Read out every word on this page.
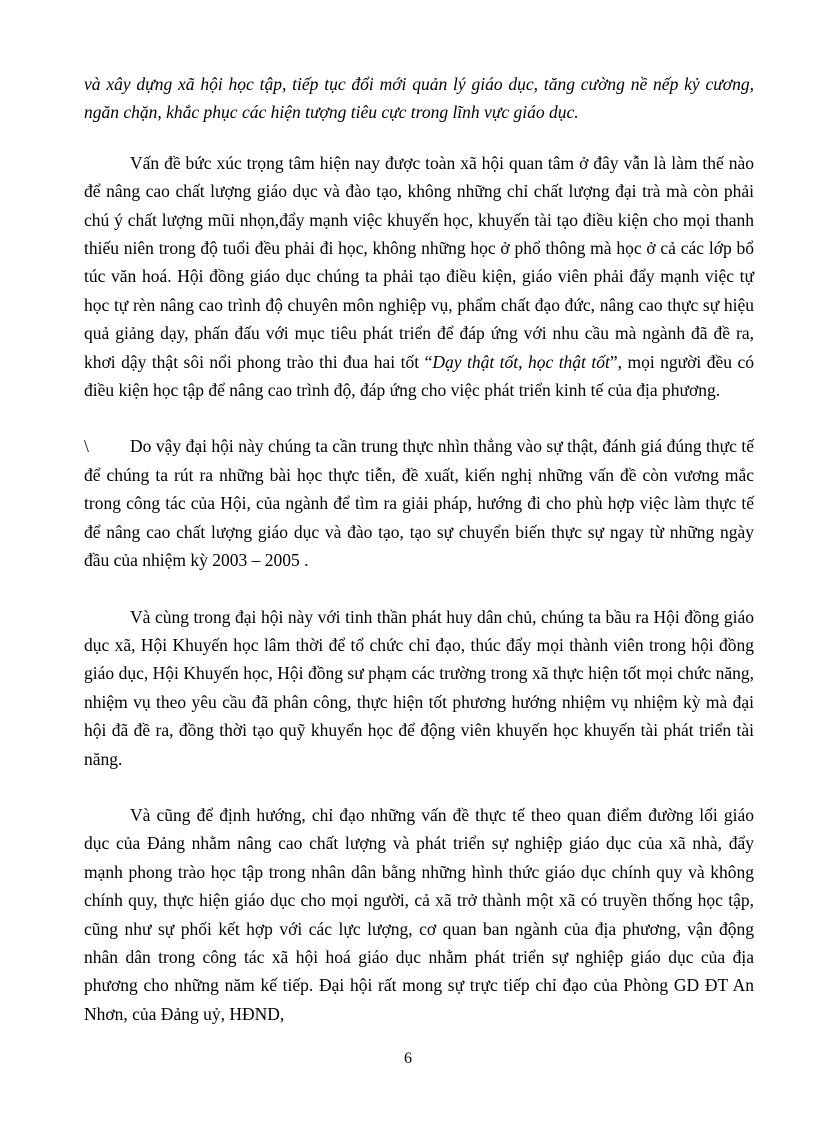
và xây dựng xã hội học tập, tiếp tục đổi mới quản lý giáo dục, tăng cường nề nếp kỷ cương, ngăn chặn, khắc phục các hiện tượng tiêu cực trong lĩnh vực giáo dục.

Vấn đề bức xúc trọng tâm hiện nay được toàn xã hội quan tâm ở đây vẫn là làm thế nào để nâng cao chất lượng giáo dục và đào tạo, không những chỉ chất lượng đại trà mà còn phải chú ý chất lượng mũi nhọn,đẩy mạnh việc khuyến học, khuyến tài tạo điều kiện cho mọi thanh thiếu niên trong độ tuổi đều phải đi học, không những học ở phổ thông mà học ở cả các lớp bổ túc văn hoá. Hội đồng giáo dục chúng ta phải tạo điều kiện, giáo viên phải đẩy mạnh việc tự học tự rèn nâng cao trình độ chuyên môn nghiệp vụ, phẩm chất đạo đức, nâng cao thực sự hiệu quả giảng dạy, phấn đấu với mục tiêu phát triển để đáp ứng với nhu cầu mà ngành đã đề ra, khơi dậy thật sôi nổi phong trào thi đua hai tốt “Dạy thật tốt, học thật tốt”, mọi người đều có điều kiện học tập để nâng cao trình độ, đáp ứng cho việc phát triển kinh tế của địa phương.

\ Do vậy đại hội này chúng ta cần trung thực nhìn thẳng vào sự thật, đánh giá đúng thực tế để chúng ta rút ra những bài học thực tiễn, đề xuất, kiến nghị những vấn đề còn vương mắc trong công tác của Hội, của ngành để tìm ra giải pháp, hướng đi cho phù hợp việc làm thực tế để nâng cao chất lượng giáo dục và đào tạo, tạo sự chuyển biến thực sự ngay từ những ngày đầu của nhiệm kỳ 2003 – 2005 .

Và cùng trong đại hội này với tinh thần phát huy dân chủ, chúng ta bầu ra Hội đồng giáo dục xã, Hội Khuyến học lâm thời để tổ chức chỉ đạo, thúc đẩy mọi thành viên trong hội đồng giáo dục, Hội Khuyến học, Hội đồng sư phạm các trường trong xã thực hiện tốt mọi chức năng, nhiệm vụ theo yêu cầu đã phân công, thực hiện tốt phương hướng nhiệm vụ nhiệm kỳ mà đại hội đã đề ra, đồng thời tạo quỹ khuyến học để động viên khuyến học khuyến tài phát triển tài năng.

Và cũng để định hướng, chỉ đạo những vấn đề thực tế theo quan điểm đường lối giáo dục của Đảng nhằm nâng cao chất lượng và phát triển sự nghiệp giáo dục của xã nhà, đẩy mạnh phong trào học tập trong nhân dân bằng những hình thức giáo dục chính quy và không chính quy, thực hiện giáo dục cho mọi người, cả xã trở thành một xã có truyền thống học tập, cũng như sự phối kết hợp với các lực lượng, cơ quan ban ngành của địa phương, vận động nhân dân trong công tác xã hội hoá giáo dục nhằm phát triển sự nghiệp giáo dục của địa phương cho những năm kế tiếp. Đại hội rất mong sự trực tiếp chỉ đạo của Phòng GD ĐT An Nhơn, của Đảng uỷ, HĐND,

6
